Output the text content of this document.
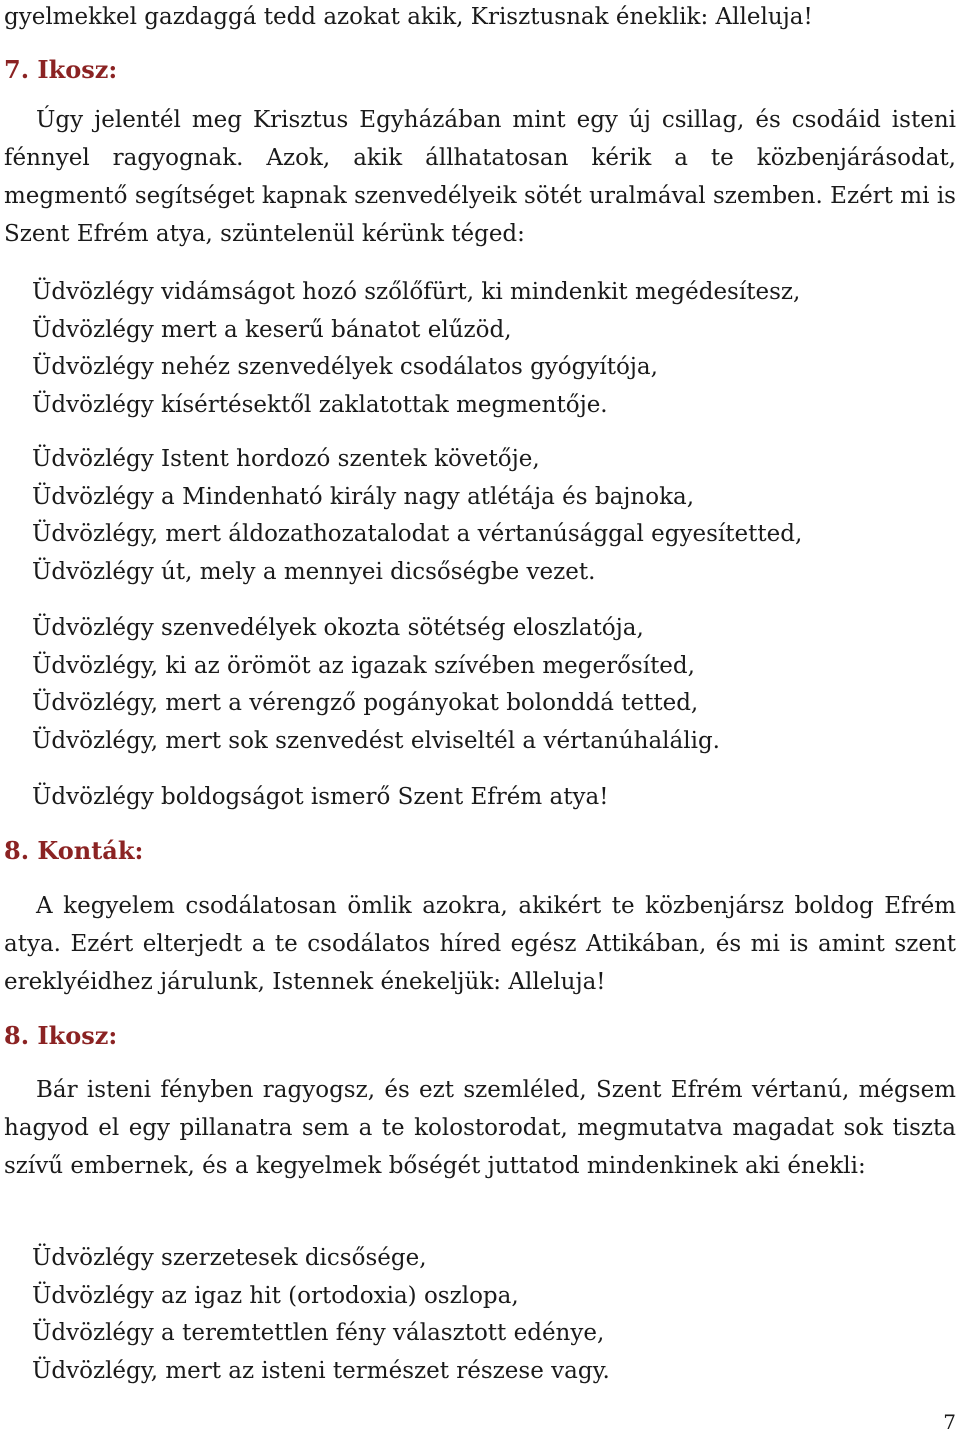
gyelmekkel gazdaggá tedd azokat akik, Krisztusnak éneklik: Alleluja!

7. Ikosz:

Úgy jelentél meg Krisztus Egyházában mint egy új csillag, és csodáid isteni fénnyel ragyognak. Azok, akik állhatatosan kérik a te közbenjárásodat, megmentő segítséget kapnak szenvedélyeik sötét uralmával szemben. Ezért mi is Szent Efrém atya, szüntelenül kérünk téged:

Üdvözlégy vidámságot hozó szőlőfürt, ki mindenkit megédesítesz,
Üdvözlégy mert a keserű bánatot elűzöd,
Üdvözlégy nehéz szenvedélyek csodálatos gyógyítója,
Üdvözlégy kísértésektől zaklatottak megmentője.
Üdvözlégy Istent hordozó szentek követője,
Üdvözlégy a Mindenható király nagy atlétája és bajnoka,
Üdvözlégy, mert áldozathozatalodat a vértanúsággal egyesítetted,
Üdvözlégy út, mely a mennyei dicsőségbe vezet.
Üdvözlégy szenvedélyek okozta sötétség eloszlatója,
Üdvözlégy, ki az örömöt az igazak szívében megerősíted,
Üdvözlégy, mert a vérengző pogányokat bolonddá tetted,
Üdvözlégy, mert sok szenvedést elviseltél a vértanúhalálig.

Üdvözlégy boldogságot ismerő Szent Efrém atya!

8. Konták:

A kegyelem csodálatosan ömlik azokra, akikért te közbenjársz boldog Efrém atya. Ezért elterjedt a te csodálatos híred egész Attikában, és mi is amint szent ereklyéidhez járulunk, Istennek énekeljük: Alleluja!

8. Ikosz:

Bár isteni fényben ragyogsz, és ezt szemléled, Szent Efrém vértanú, mégsem hagyod el egy pillanatra sem a te kolostorodat, megmutatva magadat sok tiszta szívű embernek, és a kegyelmek bőségét juttatod mindenkinek aki énekli:

Üdvözlégy szerzetesek dicsősége,
Üdvözlégy az igaz hit (ortodoxia) oszlopa,
Üdvözlégy a teremtettlen fény választott edénye,
Üdvözlégy, mert az isteni természet részese vagy.
7
